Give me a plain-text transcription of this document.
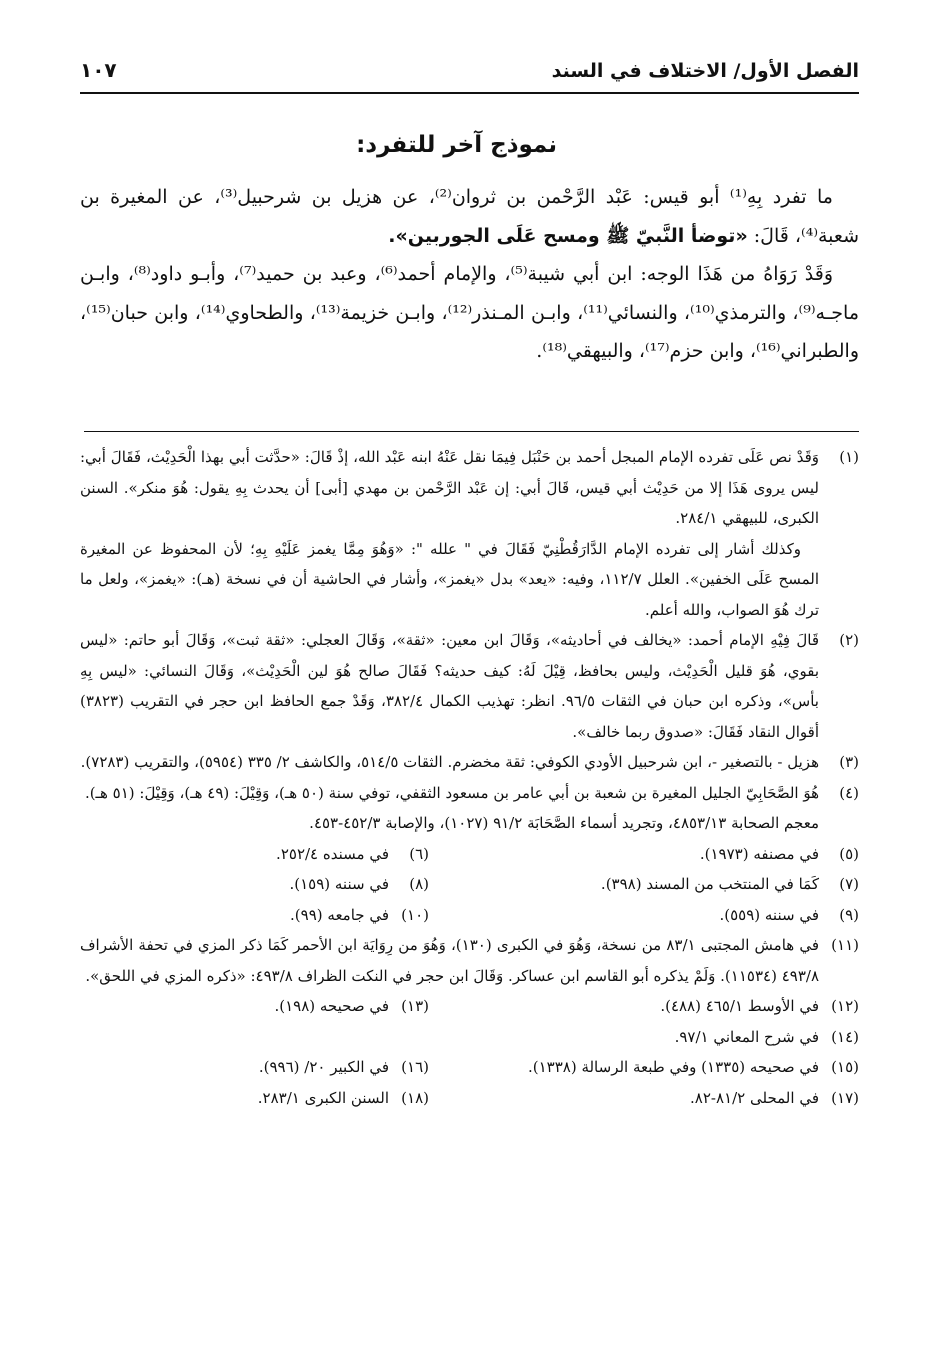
الفصل الأول/ الاختلاف في السند
١٠٧
نموذج آخر للتفرد:

ما تفرد بِهِ⁽¹⁾ أبو قيس: عَبْد الرَّحْمن بن ثروان⁽²⁾، عن هزيل بن شرحبيل⁽³⁾، عن المغيرة بن شعبة⁽⁴⁾، قَالَ: «توضأ النَّبيّ ﷺ ومسح عَلَى الجوربين».

وَقَدْ رَوَاهُ من هَذَا الوجه: ابن أبي شيبة⁽⁵⁾، والإمام أحمد⁽⁶⁾، وعبد بن حميد⁽⁷⁾، وأبـو داود⁽⁸⁾، وابـن ماجـه⁽⁹⁾، والترمذي⁽¹⁰⁾، والنسائي⁽¹¹⁾، وابـن المـنذر⁽¹²⁾، وابـن خزيمة⁽¹³⁾، والطحاوي⁽¹⁴⁾، وابن حبان⁽¹⁵⁾، والطبراني⁽¹⁶⁾، وابن حزم⁽¹⁷⁾، والبيهقي⁽¹⁸⁾.

(١)
وَقَدْ نص عَلَى تفرده الإمام المبجل أحمد بن حَنْبَل فِيمَا نقل عَنْهُ ابنه عَبْد الله، إذْ قَالَ: «حدَّثت أبي بهذا الْحَدِيْث، فَقَالَ أبي: ليس يروى هَذَا إلا من حَدِيْث أبي قيس، قَالَ أبي: إن عَبْد الرَّحْمن بن مهدي [أبى] أن يحدث بِهِ يقول: هُوَ منكر». السنن الكبرى، للبيهقي ٢٨٤/١.
وكذلك أشار إلى تفرده الإمام الدَّارَقُطْنِيّ فَقَالَ في " علله ": «وَهُوَ مِمَّا يغمز عَلَيْهِ بِهِ؛ لأن المحفوظ عن المغيرة المسح عَلَى الخفين». العلل ١١٢/٧، وفيه: «يعد» بدل «يغمز»، وأشار في الحاشية أن في نسخة (هـ): «يغمز»، ولعل ما ترك هُوَ الصواب، والله أعلم.
(٢)
قَالَ فِيْهِ الإمام أحمد: «يخالف في أحاديثه»، وَقَالَ ابن معين: «ثقة»، وَقَالَ العجلي: «ثقة ثبت»، وَقَالَ أبو حاتم: «ليس بقوي، هُوَ قليل الْحَدِيْث، وليس بحافظ، قِيْلَ لَهُ: كيف حديثه؟ فَقَالَ صالح هُوَ لين الْحَدِيْث»، وَقَالَ النسائي: «ليس بِهِ بأس»، وذكره ابن حبان في الثقات ٩٦/٥. انظر: تهذيب الكمال ٣٨٢/٤، وَقَدْ جمع الحافظ ابن حجر في التقريب (٣٨٢٣) أقوال النقاد فَقَالَ: «صدوق ربما خالف».
(٣)
هزيل - بالتصغير -، ابن شرحبيل الأودي الكوفي: ثقة مخضرم. الثقات ٥١٤/٥، والكاشف ٢/ ٣٣٥ (٥٩٥٤)، والتقريب (٧٢٨٣).
(٤)
هُوَ الصَّحَابِيّ الجليل المغيرة بن شعبة بن أبي عامر بن مسعود الثقفي، توفي سنة (٥٠ هـ)، وَقِيْلَ: (٤٩ هـ)، وَقِيْلَ: (٥١ هـ).
معجم الصحابة ٤٨٥٣/١٣، وتجريد أسماء الصَّحَابَة ٩١/٢ (١٠٢٧)، والإصابة ٤٥٢/٣-٤٥٣.
(٥)
في مصنفه (١٩٧٣).
(٦)
في مسنده ٢٥٢/٤.
(٧)
كَمَا في المنتخب من المسند (٣٩٨).
(٨)
في سننه (١٥٩).
(٩)
في سننه (٥٥٩).
(١٠)
في جامعه (٩٩).
(١١)
في هامش المجتبى ٨٣/١ من نسخة، وَهُوَ في الكبرى (١٣٠)، وَهُوَ من رِوَايَة ابن الأحمر كَمَا ذكر المزي في تحفة الأشراف ٤٩٣/٨ (١١٥٣٤). وَلَمْ يذكره أبو القاسم ابن عساكر. وَقَالَ ابن حجر في النكت الظراف ٤٩٣/٨: «ذكره المزي في اللحق».
(١٢)
في الأوسط ٤٦٥/١ (٤٨٨).
(١٣)
في صحيحه (١٩٨).
(١٤)
في شرح المعاني ٩٧/١.
(١٥)
في صحيحه (١٣٣٥) وفي طبعة الرسالة (١٣٣٨).
(١٦)
في الكبير ٢٠/ (٩٩٦).
(١٧)
في المحلى ٨١/٢-٨٢.
(١٨)
السنن الكبرى ٢٨٣/١.
